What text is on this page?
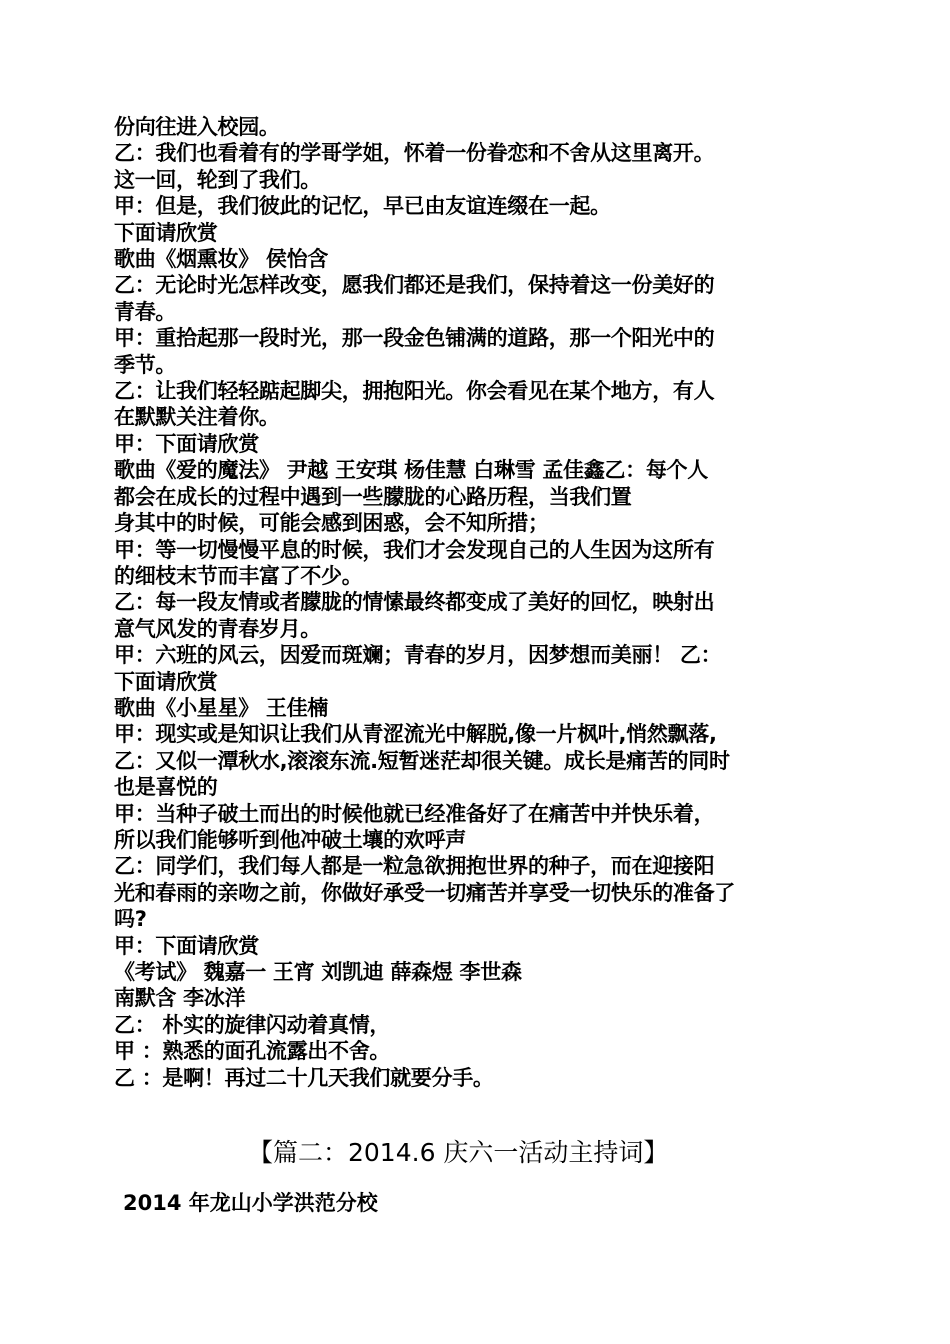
份向往进入校园。
乙：我们也看着有的学哥学姐，怀着一份眷恋和不舍从这里离开。
这一回，轮到了我们。
甲：但是，我们彼此的记忆，早已由友谊连缀在一起。
下面请欣赏
歌曲《烟熏妆》 侯怡含
乙：无论时光怎样改变，愿我们都还是我们，保持着这一份美好的
青春。
甲：重拾起那一段时光，那一段金色铺满的道路，那一个阳光中的
季节。
乙：让我们轻轻踮起脚尖，拥抱阳光。你会看见在某个地方，有人
在默默关注着你。
甲：下面请欣赏
歌曲《爱的魔法》 尹越 王安琪 杨佳慧 白琳雪 孟佳鑫乙：每个人
都会在成长的过程中遇到一些朦胧的心路历程，当我们置
身其中的时候，可能会感到困惑，会不知所措；
甲：等一切慢慢平息的时候，我们才会发现自己的人生因为这所有
的细枝末节而丰富了不少。
乙：每一段友情或者朦胧的情愫最终都变成了美好的回忆，映射出
意气风发的青春岁月。
甲：六班的风云，因爱而斑斓；青春的岁月，因梦想而美丽！ 乙：
下面请欣赏
歌曲《小星星》 王佳楠
甲：现实或是知识让我们从青涩流光中解脱,像一片枫叶,悄然飘落,
乙：又似一潭秋水,滚滚东流.短暂迷茫却很关键。成长是痛苦的同时
也是喜悦的
甲：当种子破土而出的时候他就已经准备好了在痛苦中并快乐着，
所以我们能够听到他冲破土壤的欢呼声
乙：同学们，我们每人都是一粒急欲拥抱世界的种子，而在迎接阳
光和春雨的亲吻之前，你做好承受一切痛苦并享受一切快乐的准备了
吗?
甲：下面请欣赏
《考试》 魏嘉一 王宵 刘凯迪 薛森煜 李世森
南默含 李冰洋
乙： 朴实的旋律闪动着真情，
甲 ：熟悉的面孔流露出不舍。
乙 ：是啊！再过二十几天我们就要分手。
【篇二：2014.6 庆六一活动主持词】
2014 年龙山小学洪范分校
